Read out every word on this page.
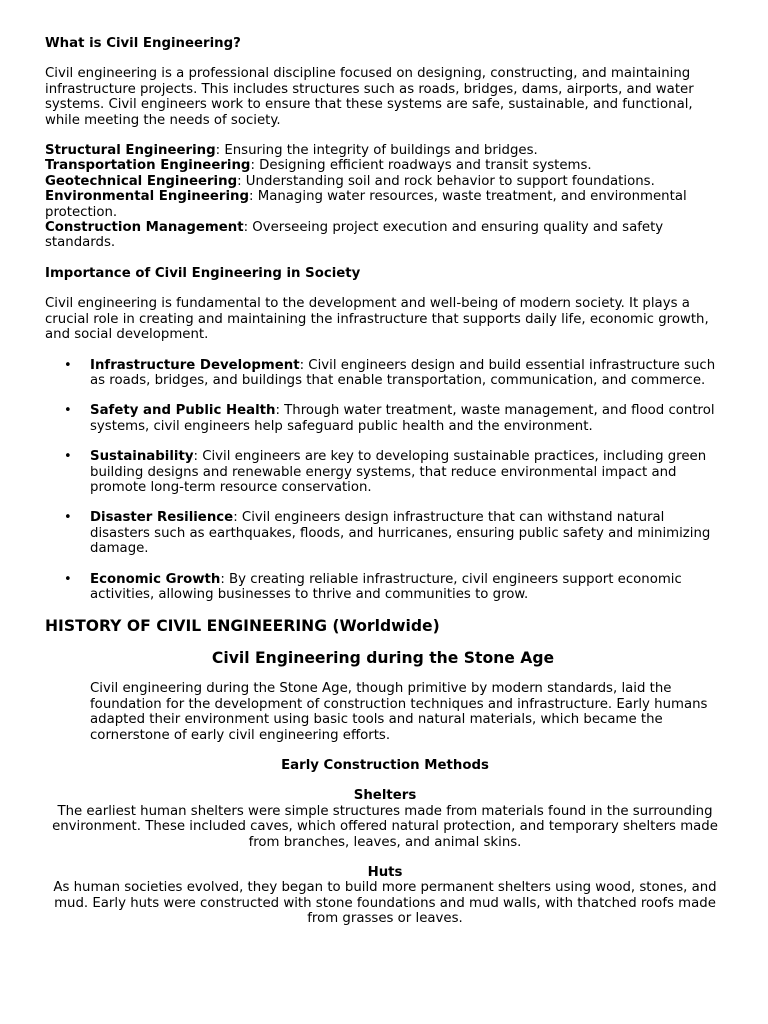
What is Civil Engineering?

Civil engineering is a professional discipline focused on designing, constructing, and maintaining infrastructure projects. This includes structures such as roads, bridges, dams, airports, and water systems. Civil engineers work to ensure that these systems are safe, sustainable, and functional, while meeting the needs of society.

Structural Engineering: Ensuring the integrity of buildings and bridges.

Transportation Engineering: Designing efficient roadways and transit systems.

Geotechnical Engineering: Understanding soil and rock behavior to support foundations.

Environmental Engineering: Managing water resources, waste treatment, and environmental protection.

Construction Management: Overseeing project execution and ensuring quality and safety standards.

Importance of Civil Engineering in Society

Civil engineering is fundamental to the development and well-being of modern society. It plays a crucial role in creating and maintaining the infrastructure that supports daily life, economic growth, and social development.

• Infrastructure Development: Civil engineers design and build essential infrastructure such as roads, bridges, and buildings that enable transportation, communication, and commerce.
• Safety and Public Health: Through water treatment, waste management, and flood control systems, civil engineers help safeguard public health and the environment.
• Sustainability: Civil engineers are key to developing sustainable practices, including green building designs and renewable energy systems, that reduce environmental impact and promote long-term resource conservation.
• Disaster Resilience: Civil engineers design infrastructure that can withstand natural disasters such as earthquakes, floods, and hurricanes, ensuring public safety and minimizing damage.
• Economic Growth: By creating reliable infrastructure, civil engineers support economic activities, allowing businesses to thrive and communities to grow.

HISTORY OF CIVIL ENGINEERING (Worldwide)

Civil Engineering during the Stone Age

Civil engineering during the Stone Age, though primitive by modern standards, laid the foundation for the development of construction techniques and infrastructure. Early humans adapted their environment using basic tools and natural materials, which became the cornerstone of early civil engineering efforts.

Early Construction Methods

Shelters

The earliest human shelters were simple structures made from materials found in the surrounding environment. These included caves, which offered natural protection, and temporary shelters made from branches, leaves, and animal skins.

Huts

As human societies evolved, they began to build more permanent shelters using wood, stones, and mud. Early huts were constructed with stone foundations and mud walls, with thatched roofs made from grasses or leaves.
